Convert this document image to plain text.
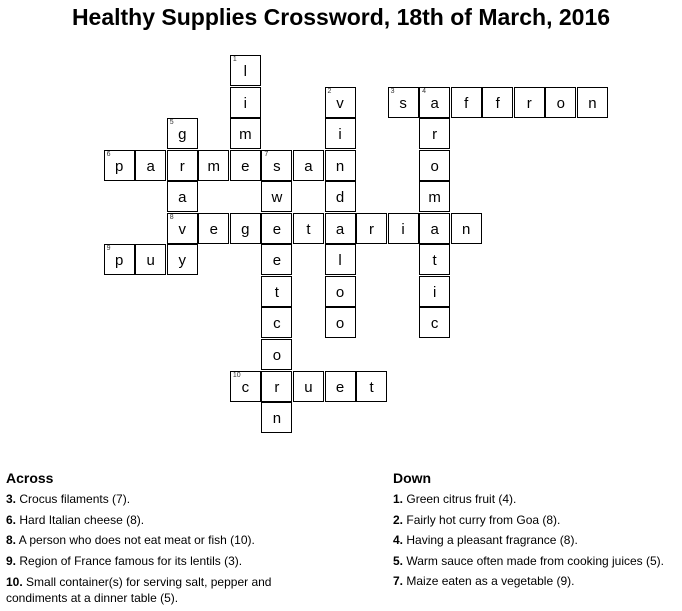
Healthy Supplies Crossword, 18th of March, 2016
1
l
i
2
v
3
s
4
a	f	f	r	o	n
5
g	m	i	r
6
p	a	r	m	e
7
s	a	n	o
a	w	d	m
8
v	e	g	e	t	a	r	i	a	n
9
p	u	y	e	l	t
t	o	i
c	o	c
o
10
c	r	u	e	t
n
Across

3. Crocus filaments (7).

6. Hard Italian cheese (8).

8. A person who does not eat meat or fish (10).

9. Region of France famous for its lentils (3).

10. Small container(s) for serving salt, pepper and condiments at a dinner table (5).

Down

1. Green citrus fruit (4).

2. Fairly hot curry from Goa (8).

4. Having a pleasant fragrance (8).

5. Warm sauce often made from cooking juices (5).

7. Maize eaten as a vegetable (9).
